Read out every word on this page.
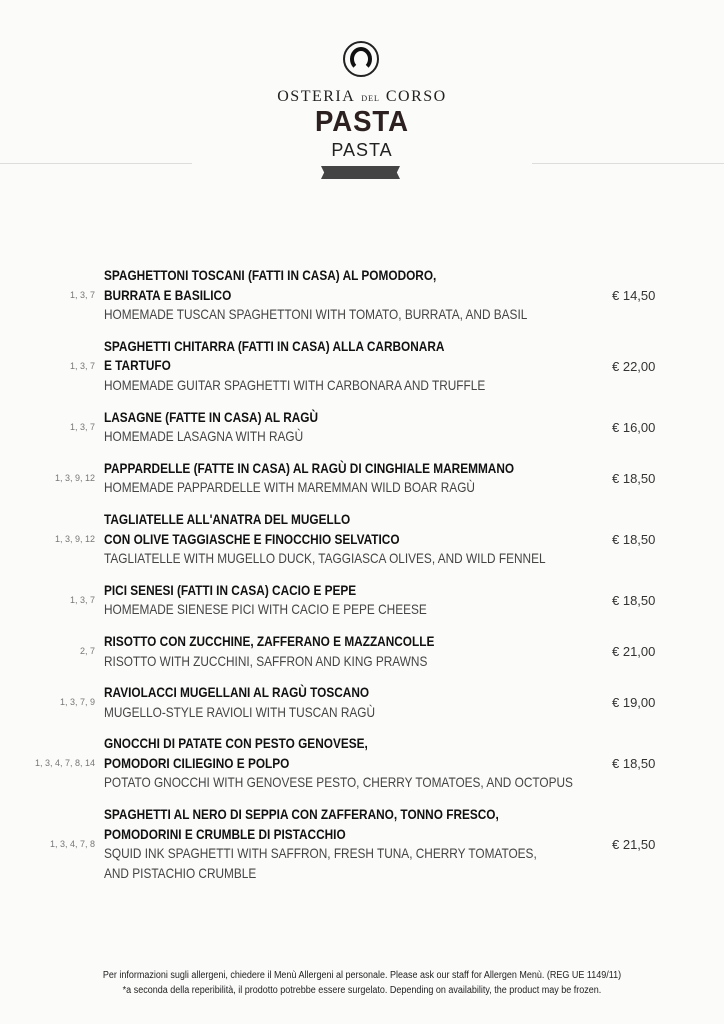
OSTERIA DEL CORSO
PASTA
PASTA
1, 3, 7
SPAGHETTONI TOSCANI (FATTI IN CASA) AL POMODORO,
BURRATA E BASILICO
HOMEMADE TUSCAN SPAGHETTONI WITH TOMATO, BURRATA, AND BASIL
€ 14,50
1, 3, 7
SPAGHETTI CHITARRA (FATTI IN CASA) ALLA CARBONARA
E TARTUFO
HOMEMADE GUITAR SPAGHETTI WITH CARBONARA AND TRUFFLE
€ 22,00
1, 3, 7
LASAGNE (FATTE IN CASA) AL RAGÙ
HOMEMADE LASAGNA WITH RAGÙ
€ 16,00
1, 3, 9, 12
PAPPARDELLE (FATTE IN CASA) AL RAGÙ DI CINGHIALE MAREMMANO
HOMEMADE PAPPARDELLE WITH MAREMMAN WILD BOAR RAGÙ
€ 18,50
1, 3, 9, 12
TAGLIATELLE ALL'ANATRA DEL MUGELLO
CON OLIVE TAGGIASCHE E FINOCCHIO SELVATICO
TAGLIATELLE WITH MUGELLO DUCK, TAGGIASCA OLIVES, AND WILD FENNEL
€ 18,50
1, 3, 7
PICI SENESI (FATTI IN CASA) CACIO E PEPE
HOMEMADE SIENESE PICI WITH CACIO E PEPE CHEESE
€ 18,50
2, 7
RISOTTO CON ZUCCHINE, ZAFFERANO E MAZZANCOLLE
RISOTTO WITH ZUCCHINI, SAFFRON AND KING PRAWNS
€ 21,00
1, 3, 7, 9
RAVIOLACCI MUGELLANI AL RAGÙ TOSCANO
MUGELLO-STYLE RAVIOLI WITH TUSCAN RAGÙ
€ 19,00
1, 3, 4, 7, 8, 14
GNOCCHI DI PATATE CON PESTO GENOVESE,
POMODORI CILIEGINO E POLPO
POTATO GNOCCHI WITH GENOVESE PESTO, CHERRY TOMATOES, AND OCTOPUS
€ 18,50
1, 3, 4, 7, 8
SPAGHETTI AL NERO DI SEPPIA CON ZAFFERANO, TONNO FRESCO,
POMODORINI E CRUMBLE DI PISTACCHIO
SQUID INK SPAGHETTI WITH SAFFRON, FRESH TUNA, CHERRY TOMATOES,
AND PISTACHIO CRUMBLE
€ 21,50
Per informazioni sugli allergeni, chiedere il Menù Allergeni al personale. Please ask our staff for Allergen Menù. (REG UE 1149/11)
*a seconda della reperibilità, il prodotto potrebbe essere surgelato. Depending on availability, the product may be frozen.
